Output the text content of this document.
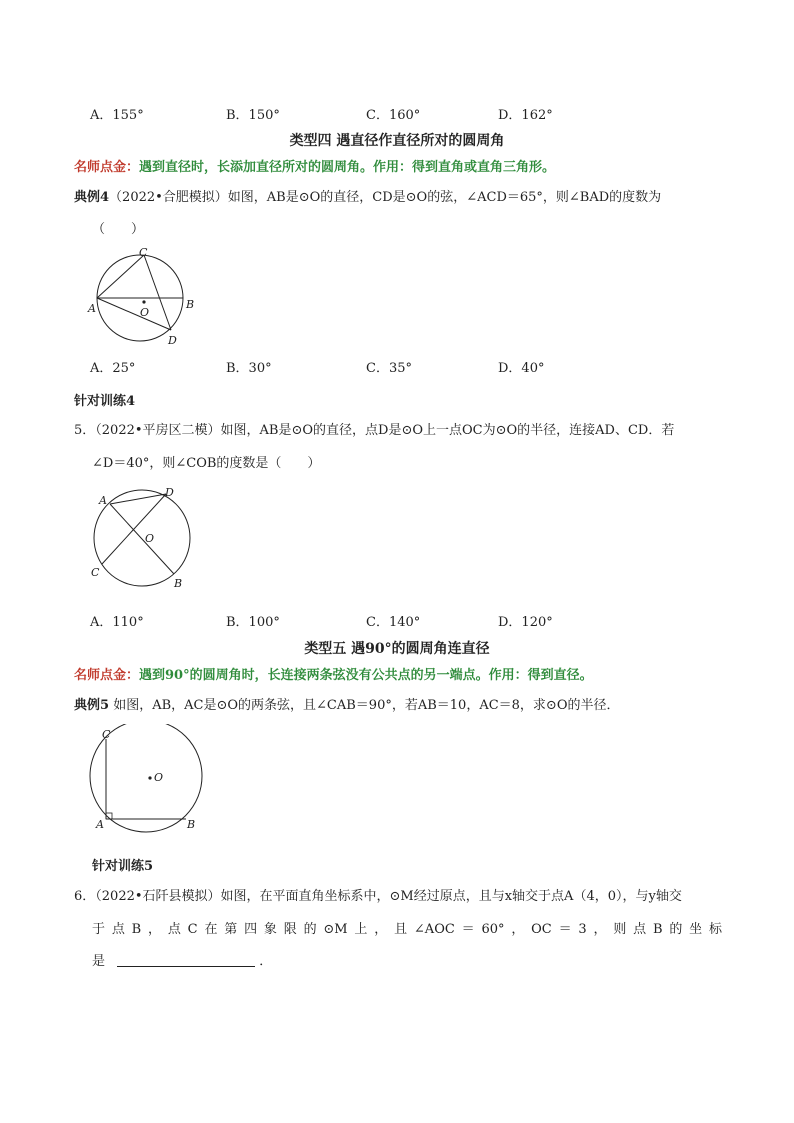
A．155°	B．150°	C．160°	D．162°
类型四 遇直径作直径所对的圆周角
名师点金：遇到直径时，长添加直径所对的圆周角。作用：得到直角或直角三角形。
典例4（2022•合肥模拟）如图，AB是⊙O的直径，CD是⊙O的弦，∠ACD＝65°，则∠BAD的度数为
（　　）
A	B
C
D
O
A．25°	B．30°	C．35°	D．40°
针对训练4
5．（2022•平房区二模）如图，AB是⊙O的直径，点D是⊙O上一点OC为⊙O的半径，连接AD、CD．若
∠D＝40°，则∠COB的度数是（　　）
A
B
C
D
O
A．110°	B．100°	C．140°	D．120°
类型五 遇90°的圆周角连直径
名师点金：遇到90°的圆周角时，长连接两条弦没有公共点的另一端点。作用：得到直径。
典例5 如图，AB，AC是⊙O的两条弦，且∠CAB＝90°，若AB＝10，AC＝8，求⊙O的半径．
C
A	B
O
针对训练5
6．（2022•石阡县模拟）如图，在平面直角坐标系中，⊙M经过原点，且与x轴交于点A（4，0），与y轴交
于点B，点C在第四象限的⊙M上，且∠AOC＝60°，OC＝3，则点B的坐标
是	．
